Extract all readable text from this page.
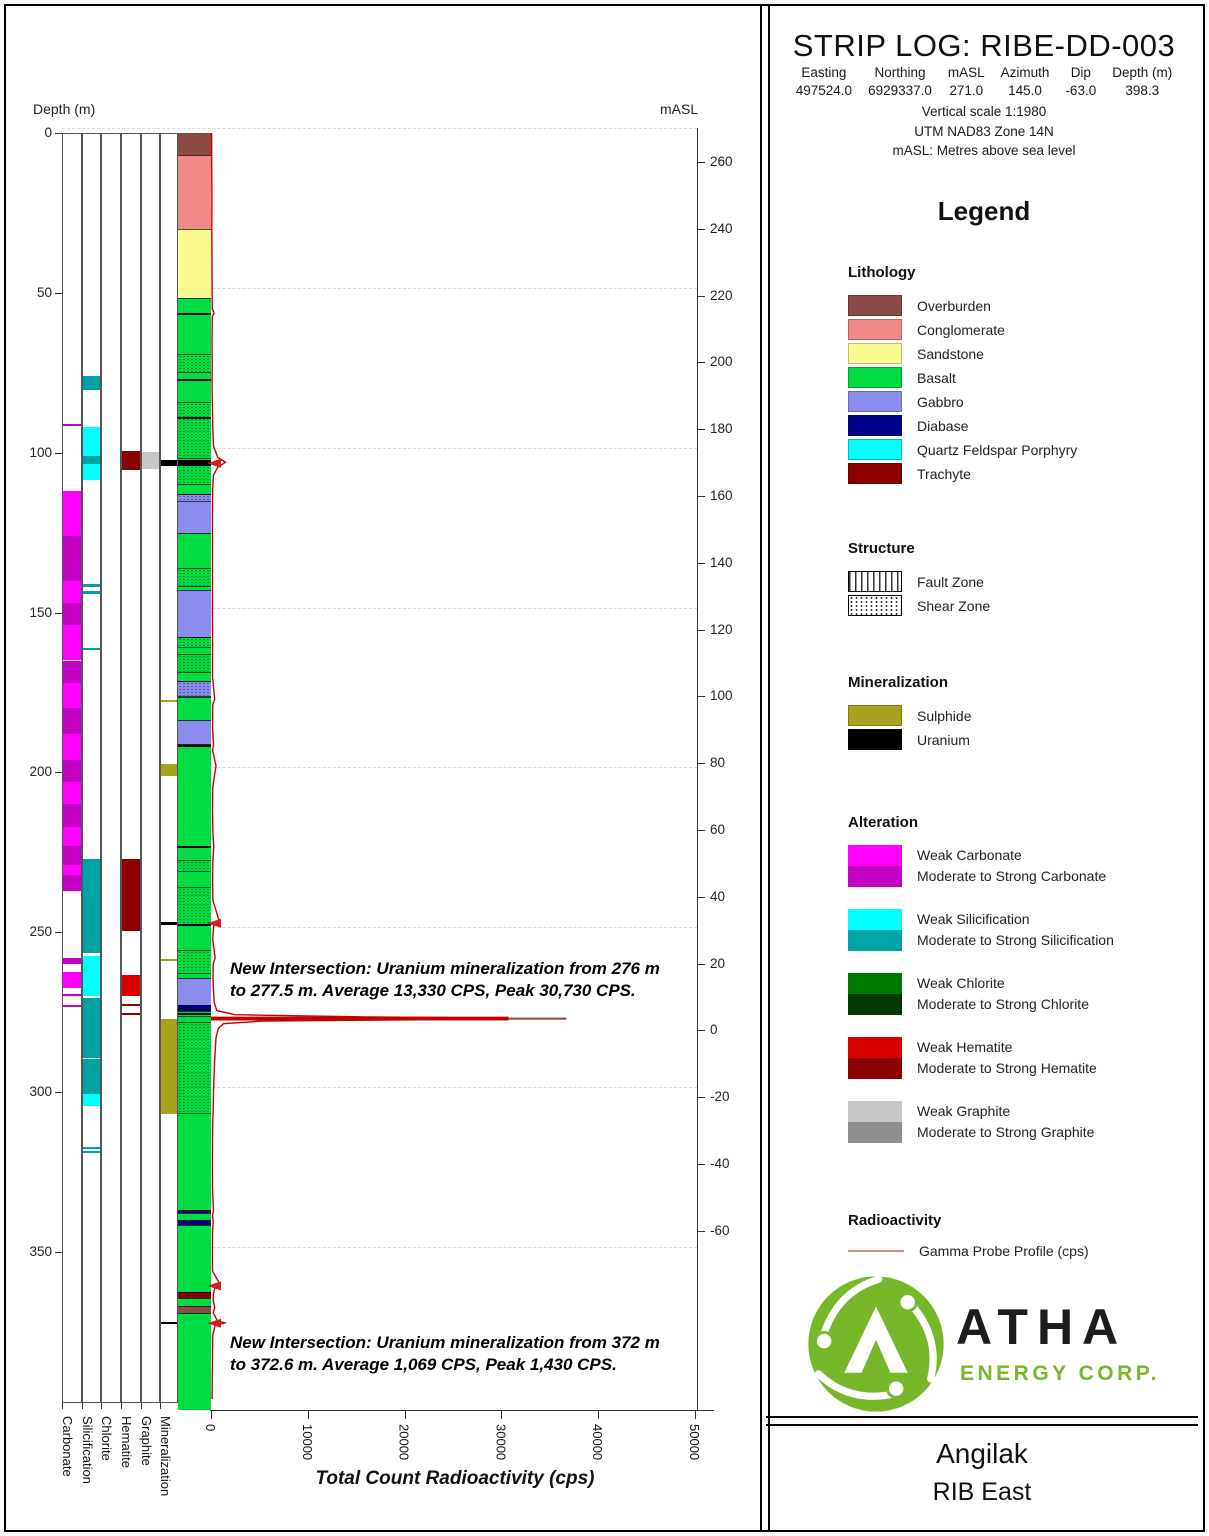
Depth (m)	mASL
Carbonate Silicification Chlorite Hematite Graphite Mineralization
0
50
100
150
200
250
300
350
260
240
220
200
180
160
140
120
100
80
60
40
20
0
-20
-40
-60
0	10000	20000	30000	40000	50000
New Intersection: Uranium mineralization from 276 m
to 277.5 m. Average 13,330 CPS, Peak 30,730 CPS.
New Intersection: Uranium mineralization from 372 m
to 372.6 m. Average 1,069 CPS, Peak 1,430 CPS.
Total Count Radioactivity (cps)
STRIP LOG: RIBE-DD-003
Easting
497524.0
Northing
6929337.0
mASL
271.0
Azimuth
145.0
Dip
-63.0
Depth (m)
398.3
Vertical scale 1:1980
UTM NAD83 Zone 14N
mASL: Metres above sea level
Legend
Lithology
Overburden
Conglomerate
Sandstone
Basalt
Gabbro
Diabase
Quartz Feldspar Porphyry
Trachyte
Structure
Fault Zone
Shear Zone
Mineralization
Sulphide
Uranium
Alteration
Weak Carbonate
Moderate to Strong Carbonate
Weak Silicification
Moderate to Strong Silicification
Weak Chlorite
Moderate to Strong Chlorite
Weak Hematite
Moderate to Strong Hematite
Weak Graphite
Moderate to Strong Graphite
Radioactivity
Gamma Probe Profile (cps)
ATHA
ENERGY CORP.
Angilak
RIB East
